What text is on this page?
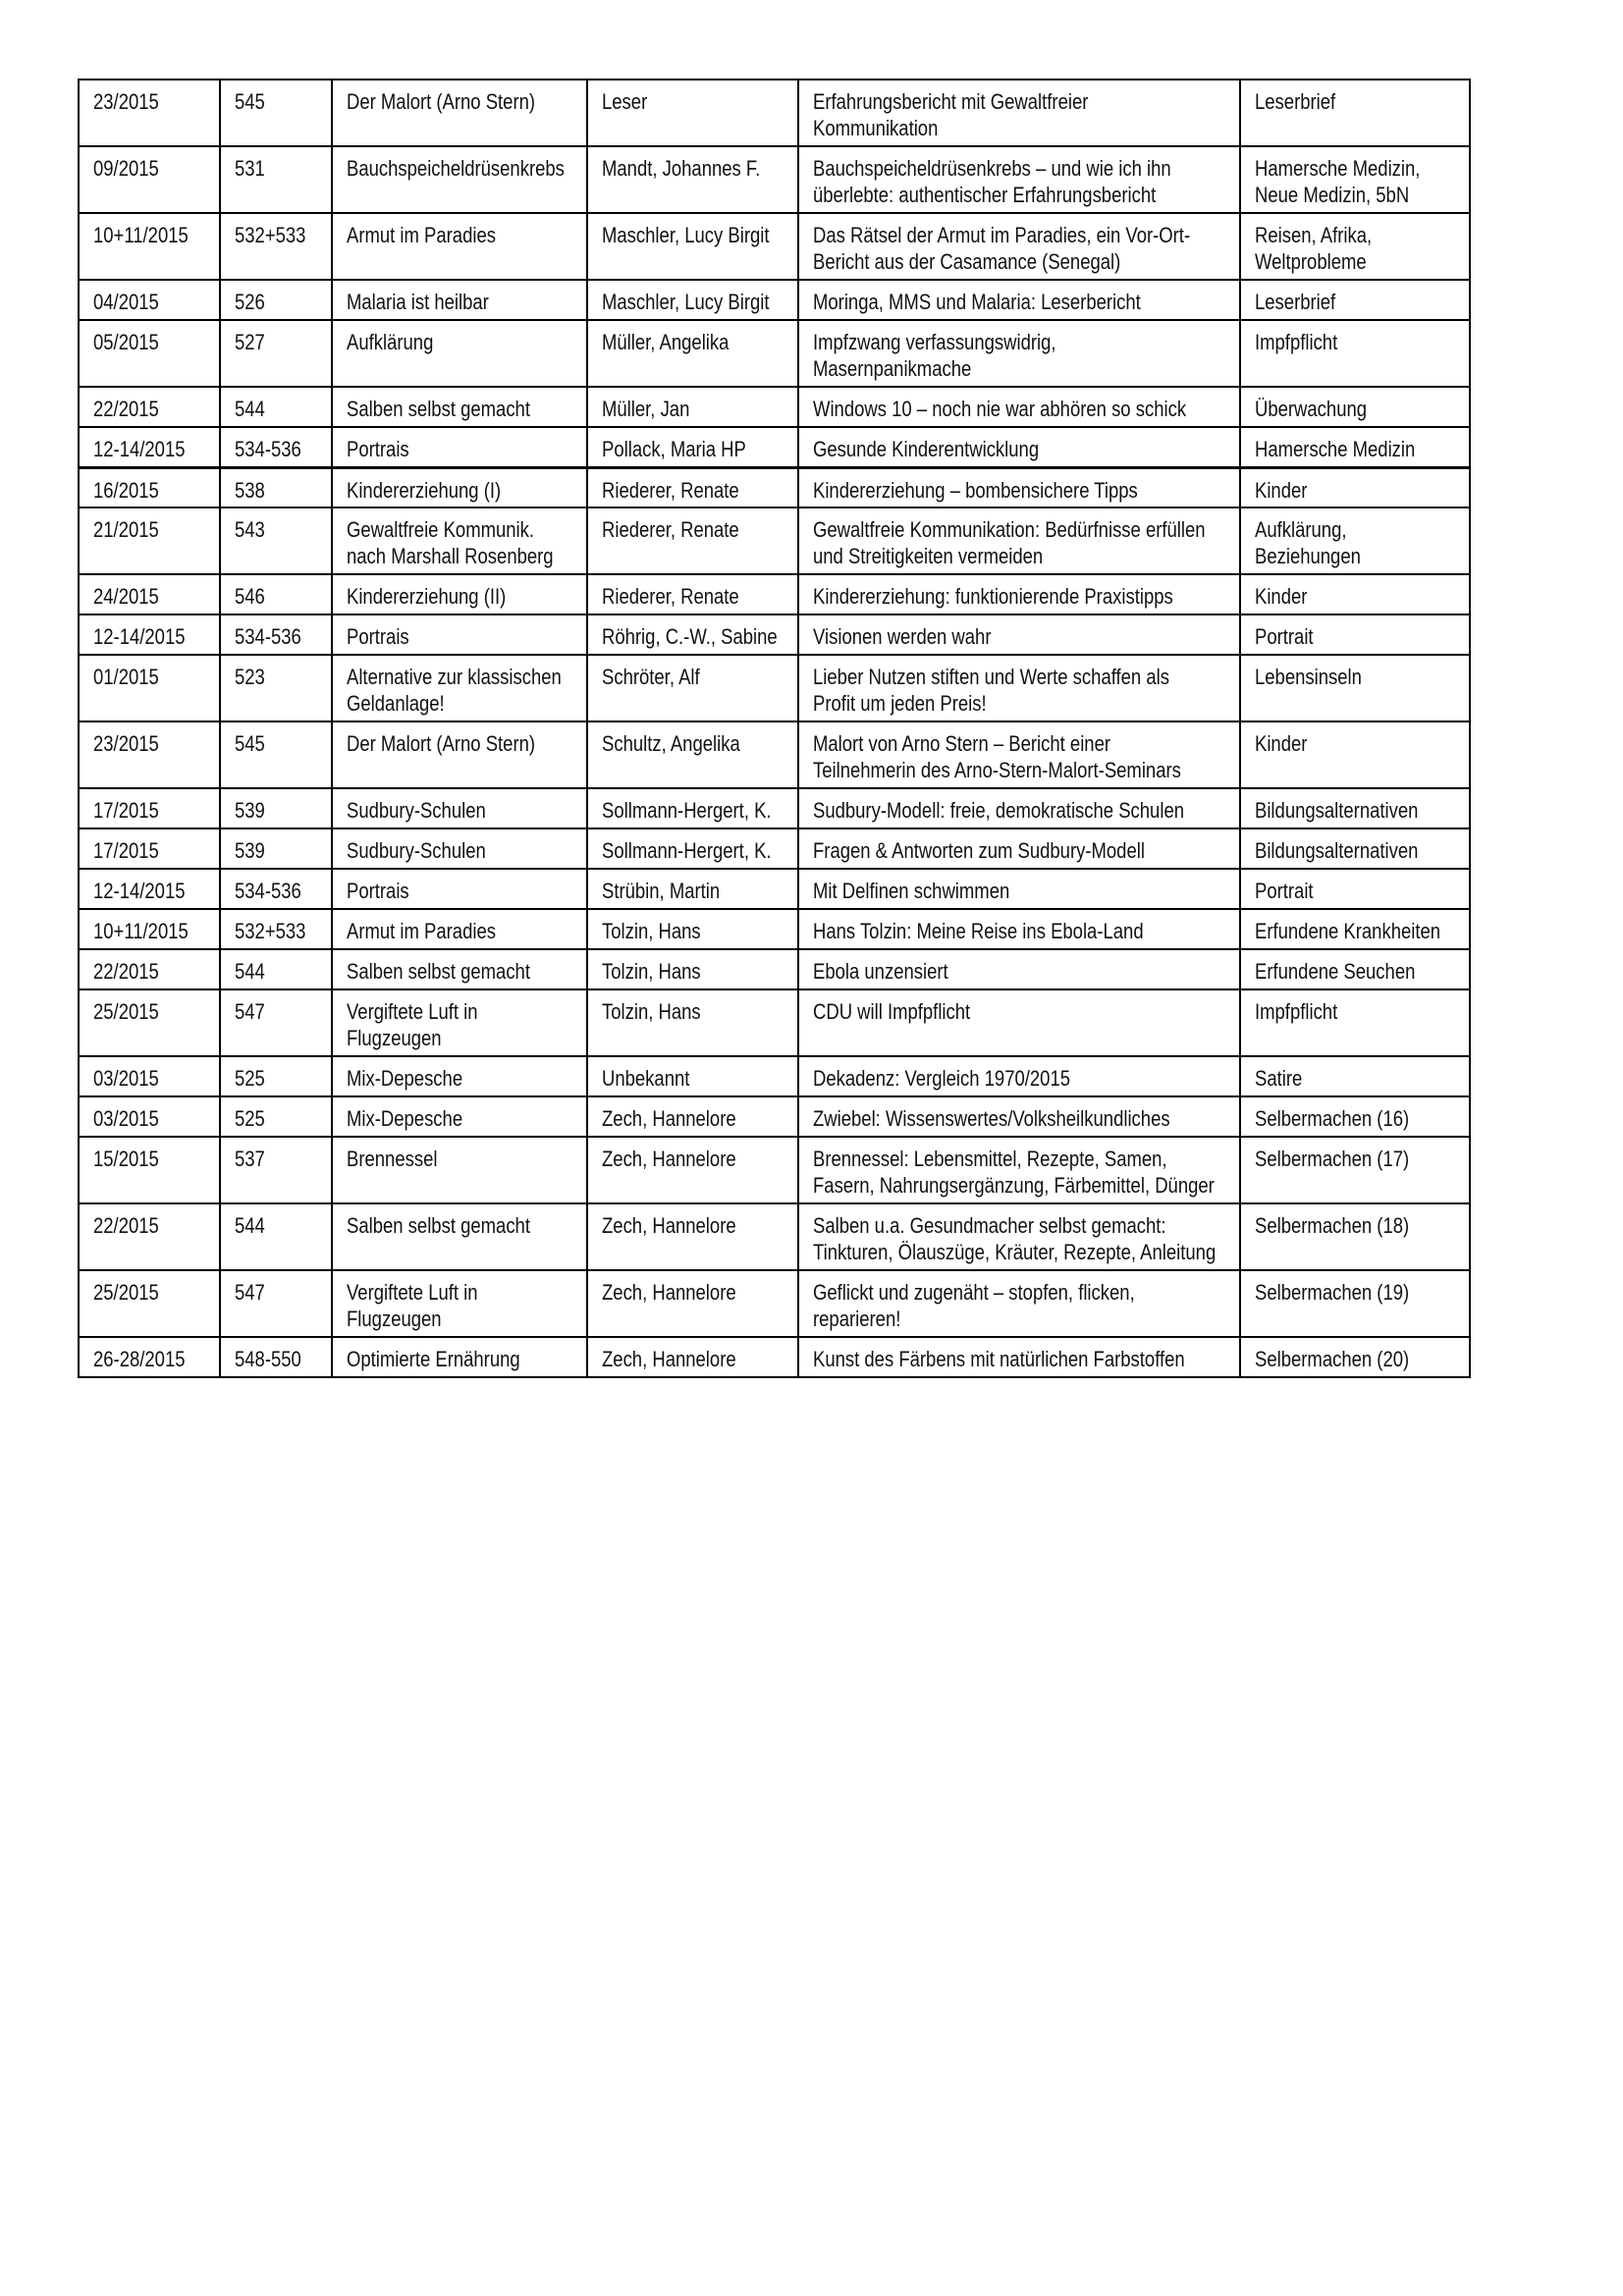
23/2015	545	Der Malort (Arno Stern)	Leser	Erfahrungsbericht mit Gewaltfreier
Kommunikation	Leserbrief

09/2015	531	Bauchspeicheldrüsenkrebs	Mandt, Johannes F.	Bauchspeicheldrüsenkrebs – und wie ich ihn
überlebte: authentischer Erfahrungsbericht	Hamersche Medizin,
Neue Medizin, 5bN

10+11/2015	532+533	Armut im Paradies	Maschler, Lucy Birgit	Das Rätsel der Armut im Paradies, ein Vor-Ort-
Bericht aus der Casamance (Senegal)	Reisen, Afrika,
Weltprobleme

04/2015	526	Malaria ist heilbar	Maschler, Lucy Birgit	Moringa, MMS und Malaria: Leserbericht	Leserbrief

05/2015	527	Aufklärung	Müller, Angelika	Impfzwang verfassungswidrig,
Masernpanikmache	Impfpflicht

22/2015	544	Salben selbst gemacht	Müller, Jan	Windows 10 – noch nie war abhören so schick	Überwachung

12-14/2015	534-536	Portrais	Pollack, Maria HP	Gesunde Kinderentwicklung	Hamersche Medizin

16/2015	538	Kindererziehung (I)	Riederer, Renate	Kindererziehung – bombensichere Tipps	Kinder

21/2015	543	Gewaltfreie Kommunik.
nach Marshall Rosenberg	Riederer, Renate	Gewaltfreie Kommunikation: Bedürfnisse erfüllen
und Streitigkeiten vermeiden	Aufklärung,
Beziehungen

24/2015	546	Kindererziehung (II)	Riederer, Renate	Kindererziehung: funktionierende Praxistipps	Kinder

12-14/2015	534-536	Portrais	Röhrig, C.-W., Sabine	Visionen werden wahr	Portrait

01/2015	523	Alternative zur klassischen
Geldanlage!	Schröter, Alf	Lieber Nutzen stiften und Werte schaffen als
Profit um jeden Preis!	Lebensinseln

23/2015	545	Der Malort (Arno Stern)	Schultz, Angelika	Malort von Arno Stern – Bericht einer
Teilnehmerin des Arno-Stern-Malort-Seminars	Kinder

17/2015	539	Sudbury-Schulen	Sollmann-Hergert, K.	Sudbury-Modell: freie, demokratische Schulen	Bildungsalternativen

17/2015	539	Sudbury-Schulen	Sollmann-Hergert, K.	Fragen & Antworten zum Sudbury-Modell	Bildungsalternativen

12-14/2015	534-536	Portrais	Strübin, Martin	Mit Delfinen schwimmen	Portrait

10+11/2015	532+533	Armut im Paradies	Tolzin, Hans	Hans Tolzin: Meine Reise ins Ebola-Land	Erfundene Krankheiten

22/2015	544	Salben selbst gemacht	Tolzin, Hans	Ebola unzensiert	Erfundene Seuchen

25/2015	547	Vergiftete Luft in
Flugzeugen	Tolzin, Hans	CDU will Impfpflicht	Impfpflicht

03/2015	525	Mix-Depesche	Unbekannt	Dekadenz: Vergleich 1970/2015	Satire

03/2015	525	Mix-Depesche	Zech, Hannelore	Zwiebel: Wissenswertes/Volksheilkundliches	Selbermachen (16)

15/2015	537	Brennessel	Zech, Hannelore	Brennessel: Lebensmittel, Rezepte, Samen,
Fasern, Nahrungsergänzung, Färbemittel, Dünger	Selbermachen (17)

22/2015	544	Salben selbst gemacht	Zech, Hannelore	Salben u.a. Gesundmacher selbst gemacht:
Tinkturen, Ölauszüge, Kräuter, Rezepte, Anleitung	Selbermachen (18)

25/2015	547	Vergiftete Luft in
Flugzeugen	Zech, Hannelore	Geflickt und zugenäht – stopfen, flicken,
reparieren!	Selbermachen (19)

26-28/2015	548-550	Optimierte Ernährung	Zech, Hannelore	Kunst des Färbens mit natürlichen Farbstoffen	Selbermachen (20)
